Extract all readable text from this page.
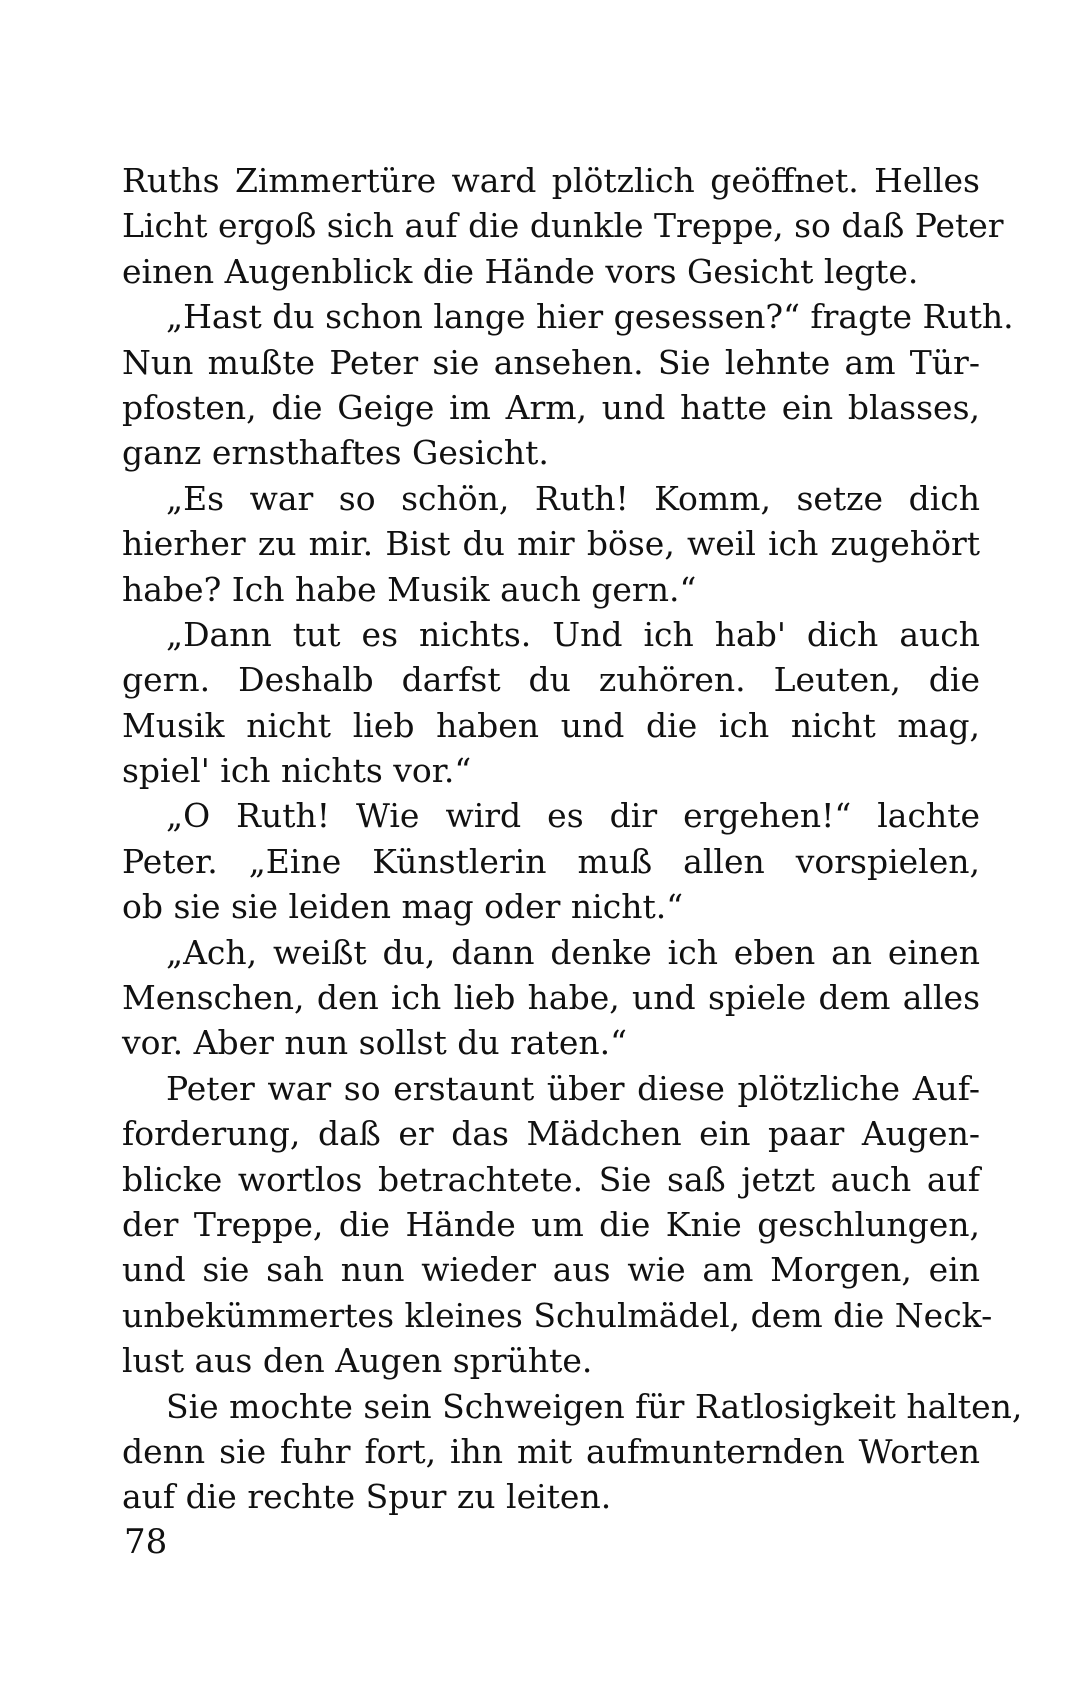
Ruths Zimmertüre ward plötzlich geöffnet. Helles
Licht ergoß sich auf die dunkle Treppe, so daß Peter
einen Augenblick die Hände vors Gesicht legte.
„Hast du schon lange hier gesessen?“ fragte Ruth.
Nun mußte Peter sie ansehen. Sie lehnte am Tür-
pfosten, die Geige im Arm, und hatte ein blasses,
ganz ernsthaftes Gesicht.
„Es war so schön, Ruth! Komm, setze dich
hierher zu mir. Bist du mir böse, weil ich zugehört
habe? Ich habe Musik auch gern.“
„Dann tut es nichts. Und ich hab' dich auch
gern. Deshalb darfst du zuhören. Leuten, die
Musik nicht lieb haben und die ich nicht mag,
spiel' ich nichts vor.“
„O Ruth! Wie wird es dir ergehen!“ lachte
Peter. „Eine Künstlerin muß allen vorspielen,
ob sie sie leiden mag oder nicht.“
„Ach, weißt du, dann denke ich eben an einen
Menschen, den ich lieb habe, und spiele dem alles
vor. Aber nun sollst du raten.“
Peter war so erstaunt über diese plötzliche Auf-
forderung, daß er das Mädchen ein paar Augen-
blicke wortlos betrachtete. Sie saß jetzt auch auf
der Treppe, die Hände um die Knie geschlungen,
und sie sah nun wieder aus wie am Morgen, ein
unbekümmertes kleines Schulmädel, dem die Neck-
lust aus den Augen sprühte.
Sie mochte sein Schweigen für Ratlosigkeit halten,
denn sie fuhr fort, ihn mit aufmunternden Worten
auf die rechte Spur zu leiten.
78
